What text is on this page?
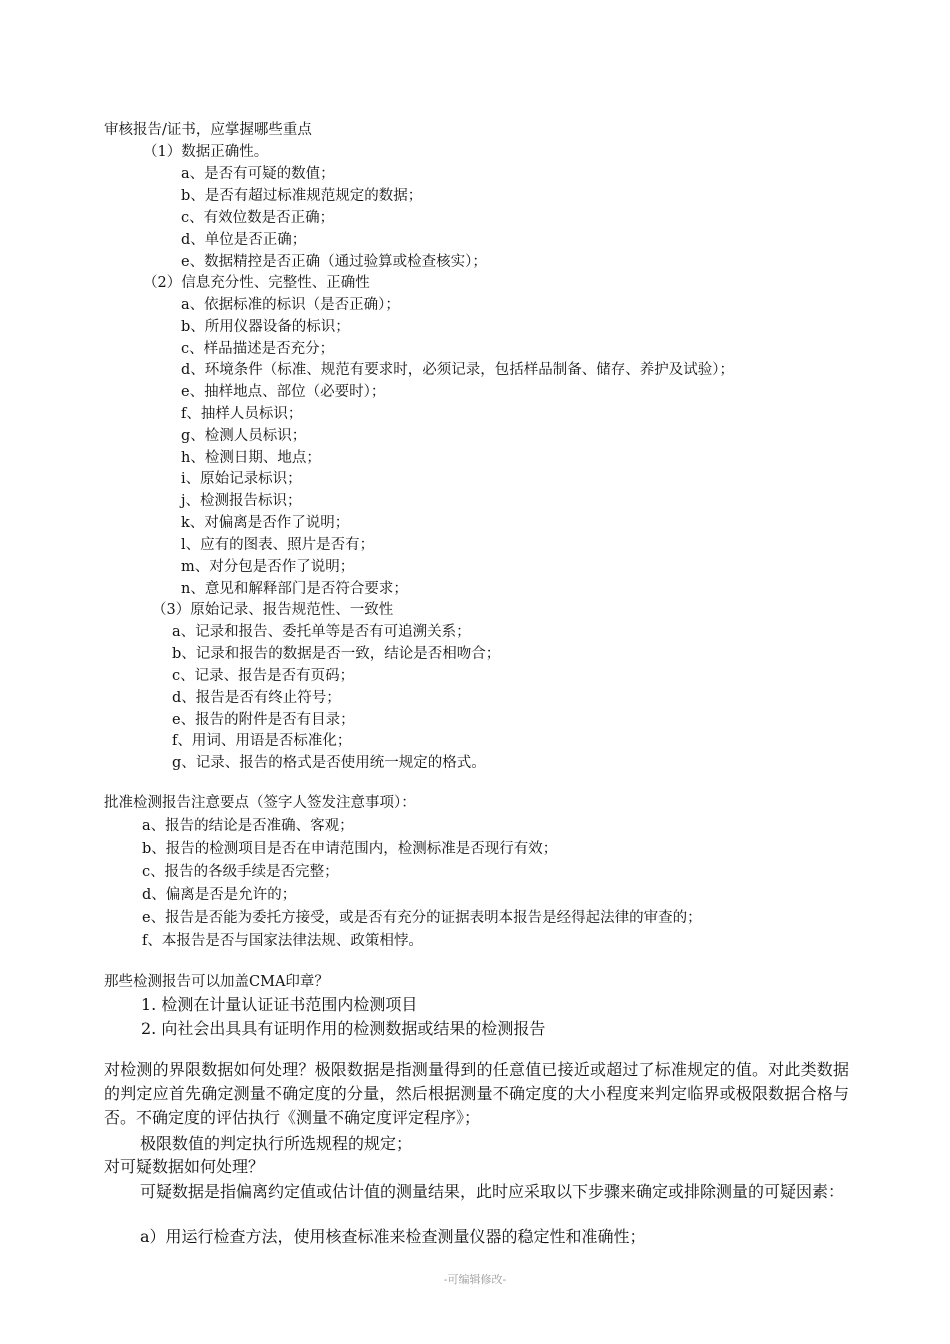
审核报告/证书，应掌握哪些重点
（1）数据正确性。
a、是否有可疑的数值；
b、是否有超过标准规范规定的数据；
c、有效位数是否正确；
d、单位是否正确；
e、数据精控是否正确（通过验算或检查核实）；
（2）信息充分性、完整性、正确性
a、依据标准的标识（是否正确）；
b、所用仪器设备的标识；
c、样品描述是否充分；
d、环境条件（标准、规范有要求时，必须记录，包括样品制备、储存、养护及试验）；
e、抽样地点、部位（必要时）；
f、抽样人员标识；
g、检测人员标识；
h、检测日期、地点；
i、原始记录标识；
j、检测报告标识；
k、对偏离是否作了说明；
l、应有的图表、照片是否有；
m、对分包是否作了说明；
n、意见和解释部门是否符合要求；
（3）原始记录、报告规范性、一致性
a、记录和报告、委托单等是否有可追溯关系；
b、记录和报告的数据是否一致，结论是否相吻合；
c、记录、报告是否有页码；
d、报告是否有终止符号；
e、报告的附件是否有目录；
f、用词、用语是否标准化；
g、记录、报告的格式是否使用统一规定的格式。
批准检测报告注意要点（签字人签发注意事项）：
a、报告的结论是否准确、客观；
b、报告的检测项目是否在申请范围内，检测标准是否现行有效；
c、报告的各级手续是否完整；
d、偏离是否是允许的；
e、报告是否能为委托方接受，或是否有充分的证据表明本报告是经得起法律的审查的；
f、本报告是否与国家法律法规、政策相悖。
那些检测报告可以加盖CMA印章？
1. 检测在计量认证证书范围内检测项目
2. 向社会出具具有证明作用的检测数据或结果的检测报告
对检测的界限数据如何处理？极限数据是指测量得到的任意值已接近或超过了标准规定的值。对此类数据的判定应首先确定测量不确定度的分量，然后根据测量不确定度的大小程度来判定临界或极限数据合格与否。不确定度的评估执行《测量不确定度评定程序》；
极限数值的判定执行所选规程的规定；
对可疑数据如何处理？
可疑数据是指偏离约定值或估计值的测量结果，此时应采取以下步骤来确定或排除测量的可疑因素：
a）用运行检查方法，使用核查标准来检查测量仪器的稳定性和准确性；
-可编辑修改-
